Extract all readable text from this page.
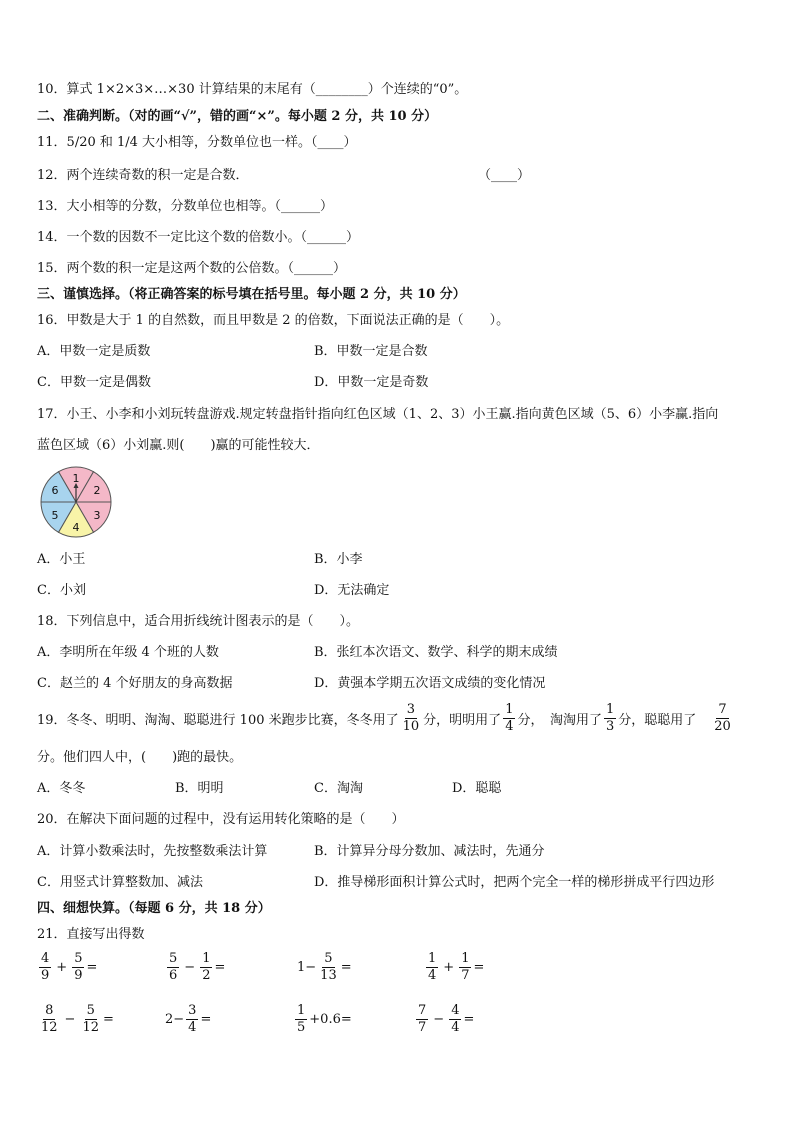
10．算式 1×2×3×…×30 计算结果的末尾有（________）个连续的“0”。
二、准确判断。（对的画“√”，错的画“×”。每小题 2 分，共 10 分）
11．5/20 和 1/4 大小相等，分数单位也一样。（____）
12．两个连续奇数的积一定是合数．	（____）
13．大小相等的分数，分数单位也相等。（______）
14．一个数的因数不一定比这个数的倍数小。（______）
15．两个数的积一定是这两个数的公倍数。（______）
三、谨慎选择。（将正确答案的标号填在括号里。每小题 2 分，共 10 分）
16．甲数是大于 1 的自然数，而且甲数是 2 的倍数，下面说法正确的是（　　）。
A．甲数一定是质数	B．甲数一定是合数
C．甲数一定是偶数	D．甲数一定是奇数
17．小王、小李和小刘玩转盘游戏.规定转盘指针指向红色区域（1、2、3）小王赢.指向黄色区域（5、6）小李赢.指向
蓝色区域（6）小刘赢.则(　　)赢的可能性较大．
1
2
3
4
5
6
A．小王	B．小李
C．小刘	D．无法确定
18．下列信息中，适合用折线统计图表示的是（　　）。
A．李明所在年级 4 个班的人数	B．张红本次语文、数学、科学的期末成绩
C．赵兰的 4 个好朋友的身高数据	D．黄强本学期五次语文成绩的变化情况
19．冬冬、明明、淘淘、聪聪进行 100 米跑步比赛，冬冬用了 $\frac{3}{10}$ 分，明明用了 $\frac{1}{4}$ 分，　淘淘用了 $\frac{1}{3}$ 分，聪聪用了 $\frac{7}{20}$
分。他们四人中，(　　)跑的最快。
A．冬冬	B．明明	C．淘淘	D．聪聪
20．在解决下面问题的过程中，没有运用转化策略的是（　　）
A．计算小数乘法时，先按整数乘法计算	B．计算异分母分数加、减法时，先通分
C．用竖式计算整数加、减法	D．推导梯形面积计算公式时，把两个完全一样的梯形拼成平行四边形
四、细想快算。（每题 6 分，共 18 分）
21．直接写出得数
$\frac{4}{9} + \frac{5}{9}$ =	$\frac{5}{6} - \frac{1}{2}$ =	$1- \frac{5}{13}$ =	$\frac{1}{4} + \frac{1}{7}$ =
$\frac{8}{12} - \frac{5}{12}$ =	$2- \frac{3}{4}$ =	$\frac{1}{5} +0.6=$	$\frac{7}{7} - \frac{4}{4}$ =
